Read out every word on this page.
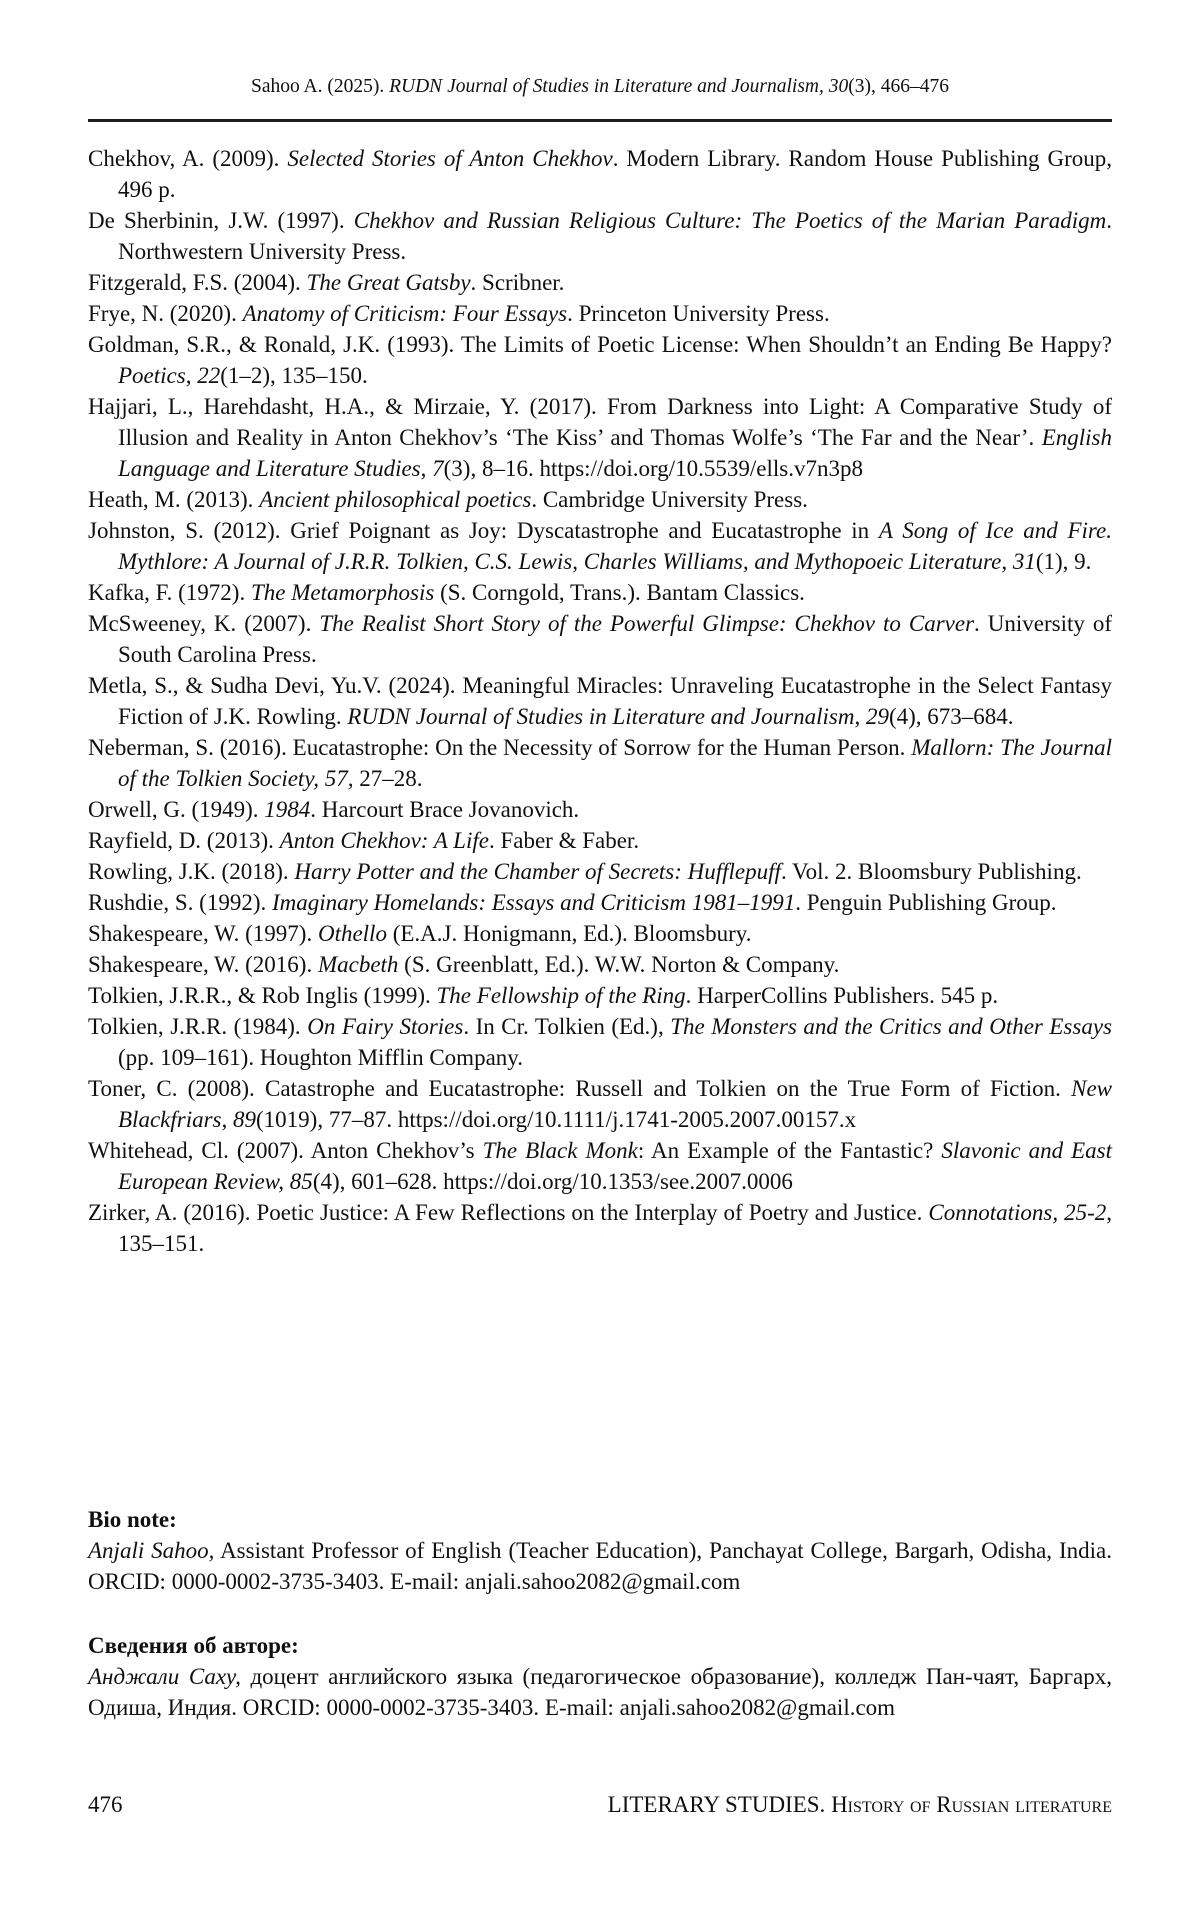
Sahoo A. (2025). RUDN Journal of Studies in Literature and Journalism, 30(3), 466–476

Chekhov, A. (2009). Selected Stories of Anton Chekhov. Modern Library. Random House Publishing Group, 496 p.

De Sherbinin, J.W. (1997). Chekhov and Russian Religious Culture: The Poetics of the Marian Paradigm. Northwestern University Press.

Fitzgerald, F.S. (2004). The Great Gatsby. Scribner.

Frye, N. (2020). Anatomy of Criticism: Four Essays. Princeton University Press.

Goldman, S.R., & Ronald, J.K. (1993). The Limits of Poetic License: When Shouldn’t an Ending Be Happy? Poetics, 22(1–2), 135–150.

Hajjari, L., Harehdasht, H.A., & Mirzaie, Y. (2017). From Darkness into Light: A Comparative Study of Illusion and Reality in Anton Chekhov’s ‘The Kiss’ and Thomas Wolfe’s ‘The Far and the Near’. English Language and Literature Studies, 7(3), 8–16. https://doi.org/10.5539/ells.v7n3p8

Heath, M. (2013). Ancient philosophical poetics. Cambridge University Press.

Johnston, S. (2012). Grief Poignant as Joy: Dyscatastrophe and Eucatastrophe in A Song of Ice and Fire. Mythlore: A Journal of J.R.R. Tolkien, C.S. Lewis, Charles Williams, and Mythopoeic Literature, 31(1), 9.

Kafka, F. (1972). The Metamorphosis (S. Corngold, Trans.). Bantam Classics.

McSweeney, K. (2007). The Realist Short Story of the Powerful Glimpse: Chekhov to Carver. University of South Carolina Press.

Metla, S., & Sudha Devi, Yu.V. (2024). Meaningful Miracles: Unraveling Eucatastrophe in the Select Fantasy Fiction of J.K. Rowling. RUDN Journal of Studies in Literature and Journalism, 29(4), 673–684.

Neberman, S. (2016). Eucatastrophe: On the Necessity of Sorrow for the Human Person. Mallorn: The Journal of the Tolkien Society, 57, 27–28.

Orwell, G. (1949). 1984. Harcourt Brace Jovanovich.

Rayfield, D. (2013). Anton Chekhov: A Life. Faber & Faber.

Rowling, J.K. (2018). Harry Potter and the Chamber of Secrets: Hufflepuff. Vol. 2. Bloomsbury Publishing.

Rushdie, S. (1992). Imaginary Homelands: Essays and Criticism 1981–1991. Penguin Publishing Group.

Shakespeare, W. (1997). Othello (E.A.J. Honigmann, Ed.). Bloomsbury.

Shakespeare, W. (2016). Macbeth (S. Greenblatt, Ed.). W.W. Norton & Company.

Tolkien, J.R.R., & Rob Inglis (1999). The Fellowship of the Ring. HarperCollins Publishers. 545 p.

Tolkien, J.R.R. (1984). On Fairy Stories. In Cr. Tolkien (Ed.), The Monsters and the Critics and Other Essays (pp. 109–161). Houghton Mifflin Company.

Toner, C. (2008). Catastrophe and Eucatastrophe: Russell and Tolkien on the True Form of Fiction. New Blackfriars, 89(1019), 77–87. https://doi.org/10.1111/j.1741-2005.2007.00157.x

Whitehead, Cl. (2007). Anton Chekhov’s The Black Monk: An Example of the Fantastic? Slavonic and East European Review, 85(4), 601–628. https://doi.org/10.1353/see.2007.0006

Zirker, A. (2016). Poetic Justice: A Few Reflections on the Interplay of Poetry and Justice. Connotations, 25-2, 135–151.

Bio note:

Anjali Sahoo, Assistant Professor of English (Teacher Education), Panchayat College, Bargarh, Odisha, India. ORCID: 0000-0002-3735-3403. E-mail: anjali.sahoo2082@gmail.com

Сведения об авторе:

Анджали Саху, доцент английского языка (педагогическое образование), колледж Пан-чаят, Баргарх, Одиша, Индия. ORCID: 0000-0002-3735-3403. E-mail: anjali.sahoo2082@gmail.com

476	LITERARY STUDIES. History of Russian literature
